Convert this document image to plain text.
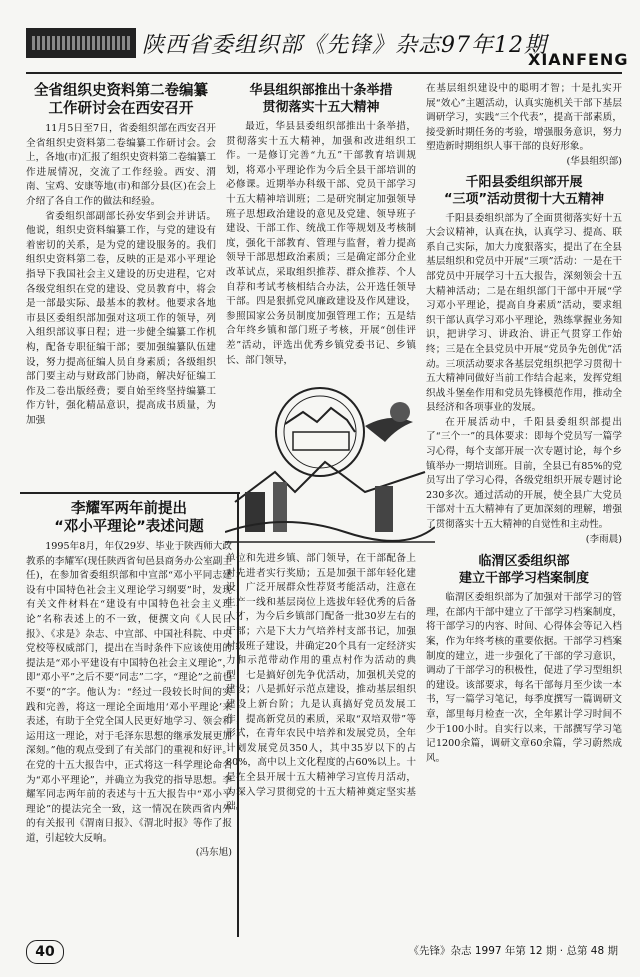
陕西省委组织部《先锋》杂志97年12期
XIANFENG
全省组织史资料第二卷编纂
工作研讨会在西安召开

11月5日至7日，省委组织部在西安召开全省组织史资料第二卷编纂工作研讨会。会上，各地(市)汇报了组织史资料第二卷编纂工作进展情况，交流了工作经验。西安、渭南、宝鸡、安康等地(市)和部分县(区)在会上介绍了各自工作的做法和经验。

省委组织部副部长孙安华到会并讲话。他说，组织史资料编纂工作，与党的建设有着密切的关系，是为党的建设服务的。我们组织史资料第二卷，反映的正是邓小平理论指导下我国社会主义建设的历史进程，它对各级党组织在党的建设、党员教育中，将会是一部最实际、最基本的教材。他要求各地市县区委组织部加强对这项工作的领导，列入组织部议事日程；进一步健全编纂工作机构，配备专职征编干部；要加强编纂队伍建设，努力提高征编人员自身素质；各级组织部门要主动与财政部门协商，解决好征编工作及二卷出版经费；要自始至终坚持编纂工作方针，强化精品意识，提高成书质量，为加强

华县组织部推出十条举措
贯彻落实十五大精神

最近，华县县委组织部推出十条举措，贯彻落实十五大精神，加强和改进组织工作。一是修订完善“九五”干部教育培训规划，将邓小平理论作为今后全县干部培训的必修课。近期举办科级干部、党员干部学习十五大精神培训班；二是研究制定加强领导班子思想政治建设的意见及党建、领导班子建设、干部工作、统战工作等规划及考核制度，强化干部教育、管理与监督，着力提高领导干部思想政治素质；三是确定部分企业改革试点，采取组织推荐、群众推荐、个人自荐和考试考核相结合办法，公开选任领导干部。四是狠抓党风廉政建设及作风建设，参照国家公务员制度加强管理工作；五是结合年终乡镇和部门班子考核，开展“创佳评差”活动，评选出优秀乡镇党委书记、乡镇长、部门领导，

单位和先进乡镇、部门领导，在干部配备上对先进者实行奖励；五是加强干部年轻化建设，广泛开展群众性荐贤考能活动，注意在生产一线和基层岗位上选拔年轻优秀的后备人才，为今后乡镇部门配备一批30岁左右的干部；六是下大力气培养村支部书记，加强村级班子建设，井确定20个具有一定经济实力和示范带动作用的重点村作为活动的典型；七是搞好创先争优活动，加强机关党的建设；八是抓好示范点建设，推动基层组织建设上新台阶；九是认真搞好党员发展工作，提高新党员的素质，采取“双培双带”等形式，在青年农民中培养和发展党员，全年计划发展党员350人，其中35岁以下的占80%，高中以上文化程度的占60%以上。十是在全县开展十五大精神学习宣传月活动，为深入学习贯彻党的十五大精神奠定坚实基础。

李耀军两年前提出
“邓小平理论”表述问题

1995年8月，年仅29岁、毕业于陕西师大政教系的李耀军(现任陕西省旬邑县商务办公室副主任)，在参加省委组织部和中宣部“邓小平同志建设有中国特色社会主义理论学习纲要”时，发现有关文件材料在“建设有中国特色社会主义理论”名称表述上的不一致，便撰文向《人民日报》、《求是》杂志、中宣部、中国社科院、中央党校等权威部门，提出在当时条件下应该使用的提法是“邓小平建设有中国特色社会主义理论”，即“邓小平”之后不要“同志”二字，“理论”之前也不要“的”字。他认为：“经过一段较长时间的实践和完善，将这一理论全面地用‘邓小平理论’来表述，有助于全党全国人民更好地学习、领会和运用这一理论，对于毛泽东思想的继承发展更加深刻。”他的观点受到了有关部门的重视和好评。在党的十五大报告中，正式将这一科学理论命名为“邓小平理论”，并确立为我党的指导思想。李耀军同志两年前的表述与十五大报告中“邓小平理论”的提法完全一致，这一情况在陕西省内外的有关报刊《渭南日报》、《渭北时报》等作了报道，引起较大反响。

(冯东旭)

在基层组织建设中的聪明才智；十是扎实开展“效心”主题活动，认真实施机关干部下基层调研学习，实践“三个代表”，提高干部素质，接受新时期任务的考验，增强服务意识，努力塑造新时期组织人事干部的良好形象。

(华县组织部)
千阳县委组织部开展
“三项”活动贯彻十大五精神

千阳县委组织部为了全面贯彻落实好十五大会议精神，认真在执，认真学习、提高、联系自己实际，加大力度狠落实，提出了在全县基层组织和党员中开展“三项”活动：一是在干部党员中开展学习十五大报告，深刻领会十五大精神活动；二是在组织部门干部中开展“学习邓小平理论，提高自身素质”活动，要求组织干部认真学习邓小平理论，熟练掌握业务知识，把讲学习、讲政治、讲正气贯穿工作始终；三是在全县党员中开展“党员争先创优”活动。三项活动要求各基层党组织把学习贯彻十五大精神同做好当前工作结合起来，发挥党组织战斗堡垒作用和党员先锋模范作用，推动全县经济和各项事业的发展。

在开展活动中，千阳县委组织部提出了“三个一”的具体要求：即每个党员写一篇学习心得，每个支部开展一次专题讨论，每个乡镇举办一期培训班。目前，全县已有85%的党员写出了学习心得，各级党组织开展专题讨论230多次。通过活动的开展，使全县广大党员干部对十五大精神有了更加深刻的理解，增强了贯彻落实十五大精神的自觉性和主动性。

(李雨晨)
临渭区委组织部
建立干部学习档案制度

临渭区委组织部为了加强对干部学习的管理，在部内干部中建立了干部学习档案制度，将干部学习的内容、时间、心得体会等记入档案，作为年终考核的重要依据。干部学习档案制度的建立，进一步强化了干部的学习意识，调动了干部学习的积极性，促进了学习型组织的建设。该部要求，每名干部每月至少读一本书，写一篇学习笔记，每季度撰写一篇调研文章，部里每月检查一次，全年累计学习时间不少于100小时。自实行以来，干部撰写学习笔记1200余篇，调研文章60余篇，学习蔚然成风。

40	《先锋》杂志 1997 年第 12 期 · 总第 48 期
